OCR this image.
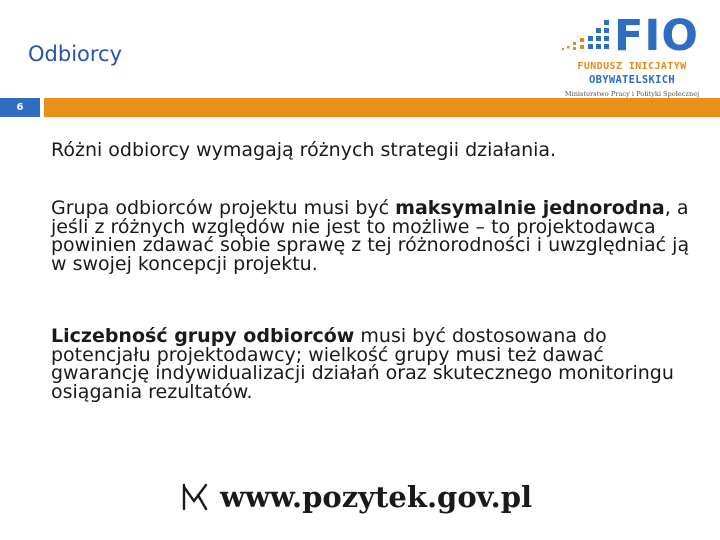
Odbiorcy	FIO
FUNDUSZ INICJATYW
OBYWATELSKICH
Ministerstwo Pracy i Polityki Społecznej
6
Różni odbiorcy wymagają różnych strategii działania.
Grupa odbiorców projektu musi być maksymalnie jednorodna, a jeśli z różnych względów nie jest to możliwe – to projektodawca powinien zdawać sobie sprawę z tej różnorodności i uwzględniać ją w swojej koncepcji projektu.
Liczebność grupy odbiorców musi być dostosowana do potencjału projektodawcy; wielkość grupy musi też dawać gwarancję indywidualizacji działań oraz skutecznego monitoringu osiągania rezultatów.
www.pozytek.gov.pl
